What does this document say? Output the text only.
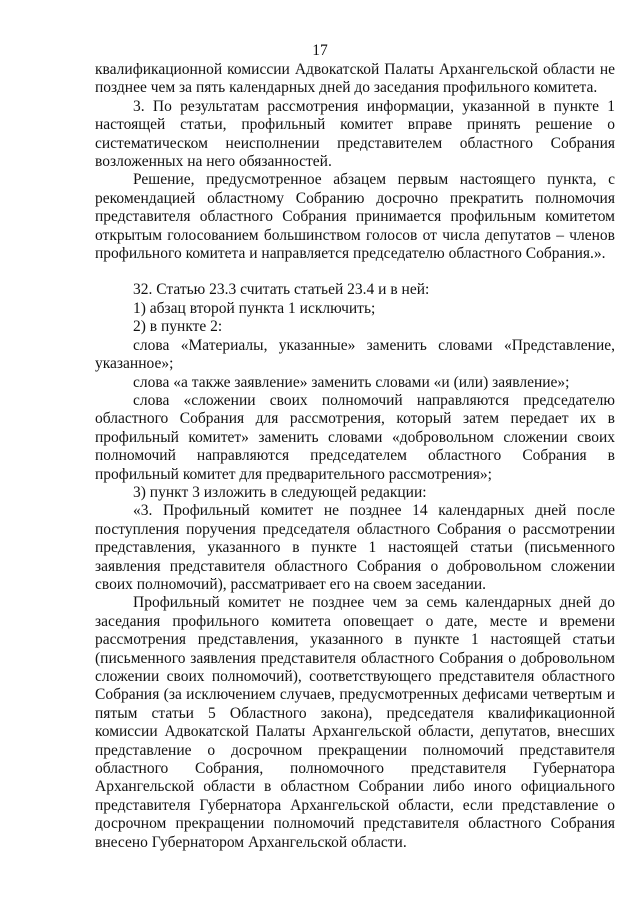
17

квалификационной комиссии Адвокатской Палаты Архангельской области не позднее чем за пять календарных дней до заседания профильного комитета.

3. По результатам рассмотрения информации, указанной в пункте 1 настоящей статьи, профильный комитет вправе принять решение о систематическом неисполнении представителем областного Собрания возложенных на него обязанностей.

Решение, предусмотренное абзацем первым настоящего пункта, с рекомендацией областному Собранию досрочно прекратить полномочия представителя областного Собрания принимается профильным комитетом открытым голосованием большинством голосов от числа депутатов – членов профильного комитета и направляется председателю областного Собрания.».

32. Статью 23.3 считать статьей 23.4 и в ней:

1) абзац второй пункта 1 исключить;

2) в пункте 2:

слова «Материалы, указанные» заменить словами «Представление, указанное»;

слова «а также заявление» заменить словами «и (или) заявление»;

слова «сложении своих полномочий направляются председателю областного Собрания для рассмотрения, который затем передает их в профильный комитет» заменить словами «добровольном сложении своих полномочий направляются председателем областного Собрания в профильный комитет для предварительного рассмотрения»;

3) пункт 3 изложить в следующей редакции:

«3. Профильный комитет не позднее 14 календарных дней после поступления поручения председателя областного Собрания о рассмотрении представления, указанного в пункте 1 настоящей статьи (письменного заявления представителя областного Собрания о добровольном сложении своих полномочий), рассматривает его на своем заседании.

Профильный комитет не позднее чем за семь календарных дней до заседания профильного комитета оповещает о дате, месте и времени рассмотрения представления, указанного в пункте 1 настоящей статьи (письменного заявления представителя областного Собрания о добровольном сложении своих полномочий), соответствующего представителя областного Собрания (за исключением случаев, предусмотренных дефисами четвертым и пятым статьи 5 Областного закона), председателя квалификационной комиссии Адвокатской Палаты Архангельской области, депутатов, внесших представление о досрочном прекращении полномочий представителя областного Собрания, полномочного представителя Губернатора Архангельской области в областном Собрании либо иного официального представителя Губернатора Архангельской области, если представление о досрочном прекращении полномочий представителя областного Собрания внесено Губернатором Архангельской области.
